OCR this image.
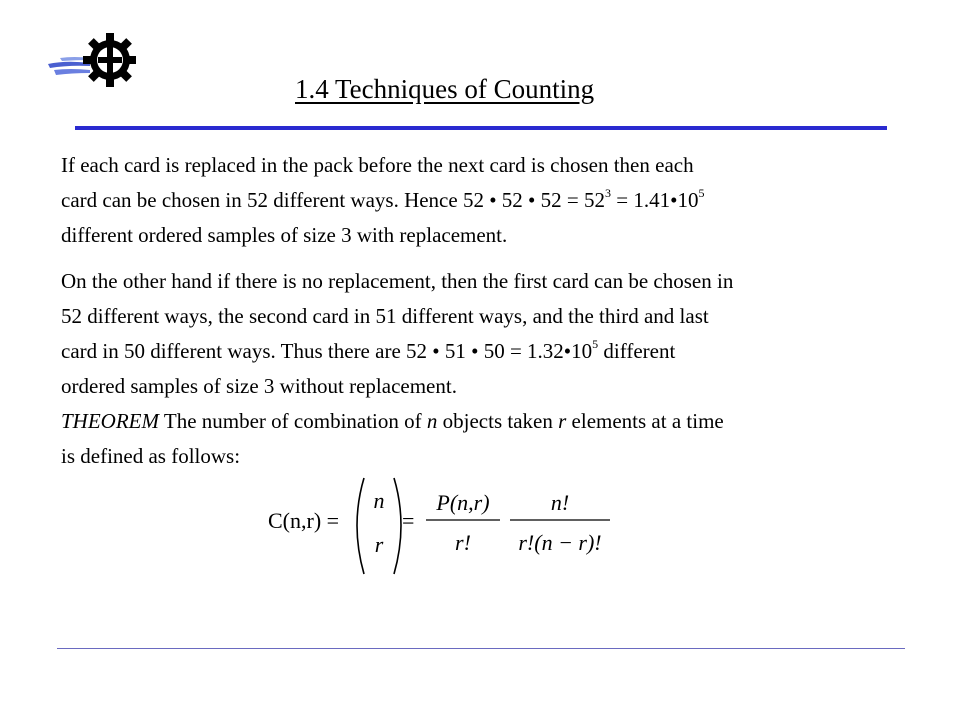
1.4 Techniques of Counting
If each card is replaced in the pack before the next card is chosen then each
card can be chosen in 52 different ways. Hence 52 • 52 • $52 = 52^3$ = $1.41•10^5$
different ordered samples of size 3 with replacement.
On the other hand if there is no replacement, then the first card can be chosen in
52 different ways, the second card in 51 different ways, and the third and last
card in 50 different ways. Thus there are 52 • 51 • $50 = 1.32•10^5$ different
ordered samples of size 3 without replacement.
THEOREM The number of combination of n objects taken r elements at a time
is defined as follows:
C(n,r) =
n
r
=
P(n,r)
r!
n!
r!(n − r)!
